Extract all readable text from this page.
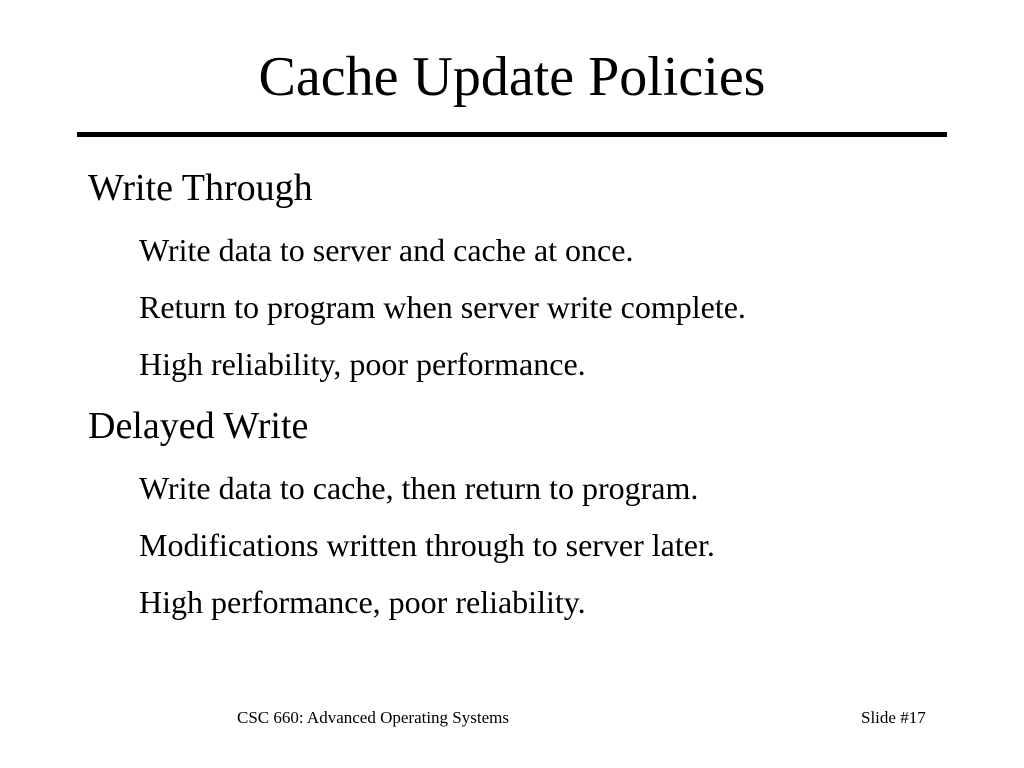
Cache Update Policies
Write Through
Write data to server and cache at once.
Return to program when server write complete.
High reliability, poor performance.
Delayed Write
Write data to cache, then return to program.
Modifications written through to server later.
High performance, poor reliability.
CSC 660: Advanced Operating Systems	Slide #17
